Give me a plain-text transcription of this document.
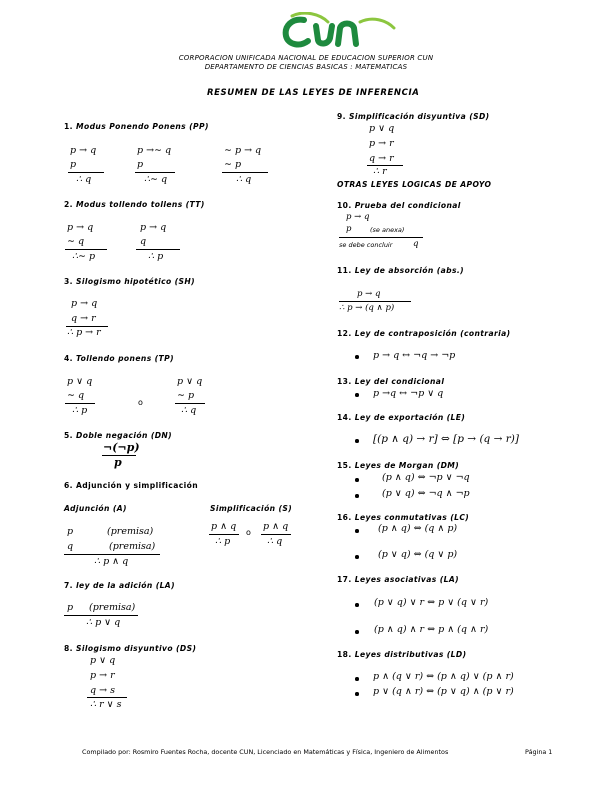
CORPORACION UNIFICADA NACIONAL DE EDUCACION SUPERIOR CUN
DEPARTAMENTO DE CIENCIAS BASICAS : MATEMATICAS
RESUMEN DE LAS LEYES DE INFERENCIA
1. Modus Ponendo Ponens (PP)
p → q
p
∴ q
p →∼ q
p
∴∼ q
∼ p → q
∼ p
∴ q
2. Modus tollendo tollens (TT)
p → q
∼ q
∴∼ p
p → q
q
∴ p
3. Silogismo hipotético (SH)
p → q
q → r
∴ p → r
4. Tollendo ponens (TP)
p ∨ q
∼ q
∴ p
o
p ∨ q
∼ p
∴ q
5. Doble negación (DN)
¬(¬p)
p
6. Adjunción y simplificación
Adjunción (A)
p	(premisa)
q	(premisa)
∴ p ∧ q
Simplificación (S)
p ∧ q
∴ p
o
p ∧ q
∴ q
7. ley de la adición (LA)
p (premisa)
∴ p ∨ q
8. Silogismo disyuntivo (DS)
p ∨ q
p → r
q → s
∴ r ∨ s
9. Simplificación disyuntiva (SD)
p ∨ q
p → r
q → r
∴ r
OTRAS LEYES LOGICAS DE APOYO
10. Prueba del condicional
p → q
p	(se anexa)
se debe concluir q
11. Ley de absorción (abs.)
p → q
∴ p → (q ∧ p)
12. Ley de contraposición (contraria)
p → q ↔ ¬q → ¬p
13. Ley del condicional
p →q ↔ ¬p ∨ q
14. Ley de exportación (LE)
[(p ∧ q) → r] ⇔ [p → (q → r)]
15. Leyes de Morgan (DM)
(p ∧ q) ⇔ ¬p ∨ ¬q
(p ∨ q) ⇔ ¬q ∧ ¬p
16. Leyes conmutativas (LC)
(p ∧ q) ⇔ (q ∧ p)
(p ∨ q) ⇔ (q ∨ p)
17. Leyes asociativas (LA)
(p ∨ q) ∨ r ⇔ p ∨ (q ∨ r)
(p ∧ q) ∧ r ⇔ p ∧ (q ∧ r)
18. Leyes distributivas (LD)
p ∧ (q ∨ r) ⇔ (p ∧ q) ∨ (p ∧ r)
p ∨ (q ∧ r) ⇔ (p ∨ q) ∧ (p ∨ r)
Compilado por: Rosmiro Fuentes Rocha, docente CUN, Licenciado en Matemáticas y Física, Ingeniero de Alimentos	Página 1
